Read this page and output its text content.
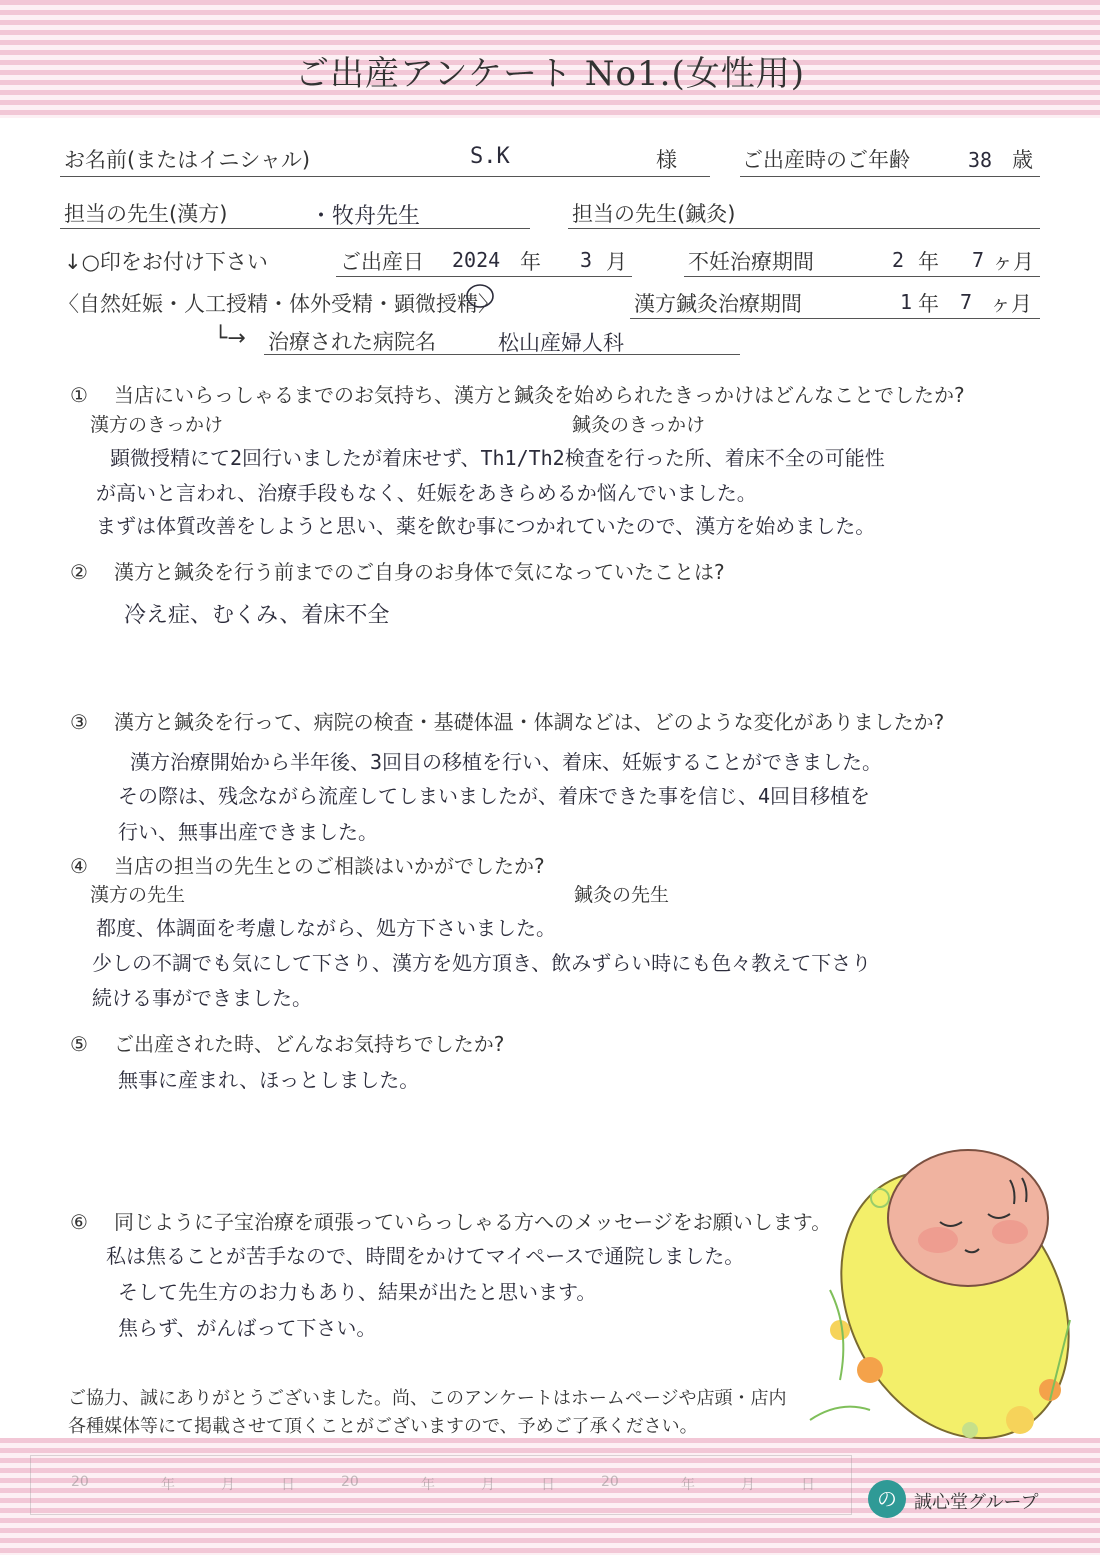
20	年	月	日	20	年	月	日	20	年	月	日
ご出産アンケート No1.(女性用)
お名前(またはイニシャル)	S.K	様	ご出産時のご年齢	38 歳
担当の先生(漢方)	・牧舟先生	担当の先生(鍼灸)
↓○印をお付け下さい	ご出産日 2024 年 3 月	不妊治療期間	2 年 7 ヶ月
〈自然妊娠・人工授精・体外受精・顕微授精〉	漢方鍼灸治療期間	1 年 7 ヶ月
└→ 治療された病院名	松山産婦人科
① 当店にいらっしゃるまでのお気持ち、漢方と鍼灸を始められたきっかけはどんなことでしたか?
漢方のきっかけ	鍼灸のきっかけ
顕微授精にて2回行いましたが着床せず、Th1/Th2検査を行った所、着床不全の可能性
が高いと言われ、治療手段もなく、妊娠をあきらめるか悩んでいました。
まずは体質改善をしようと思い、薬を飲む事につかれていたので、漢方を始めました。
② 漢方と鍼灸を行う前までのご自身のお身体で気になっていたことは?
冷え症、むくみ、着床不全
③ 漢方と鍼灸を行って、病院の検査・基礎体温・体調などは、どのような変化がありましたか?
漢方治療開始から半年後、3回目の移植を行い、着床、妊娠することができました。
その際は、残念ながら流産してしまいましたが、着床できた事を信じ、4回目移植を
行い、無事出産できました。
④ 当店の担当の先生とのご相談はいかがでしたか?
漢方の先生	鍼灸の先生
都度、体調面を考慮しながら、処方下さいました。
少しの不調でも気にして下さり、漢方を処方頂き、飲みずらい時にも色々教えて下さり
続ける事ができました。
⑤ ご出産された時、どんなお気持ちでしたか?
無事に産まれ、ほっとしました。
⑥ 同じように子宝治療を頑張っていらっしゃる方へのメッセージをお願いします。
私は焦ることが苦手なので、時間をかけてマイペースで通院しました。
そして先生方のお力もあり、結果が出たと思います。
焦らず、がんばって下さい。
ご協力、誠にありがとうございました。尚、このアンケートはホームページや店頭・店内
各種媒体等にて掲載させて頂くことがございますので、予めご了承ください。
の 誠心堂グループ
